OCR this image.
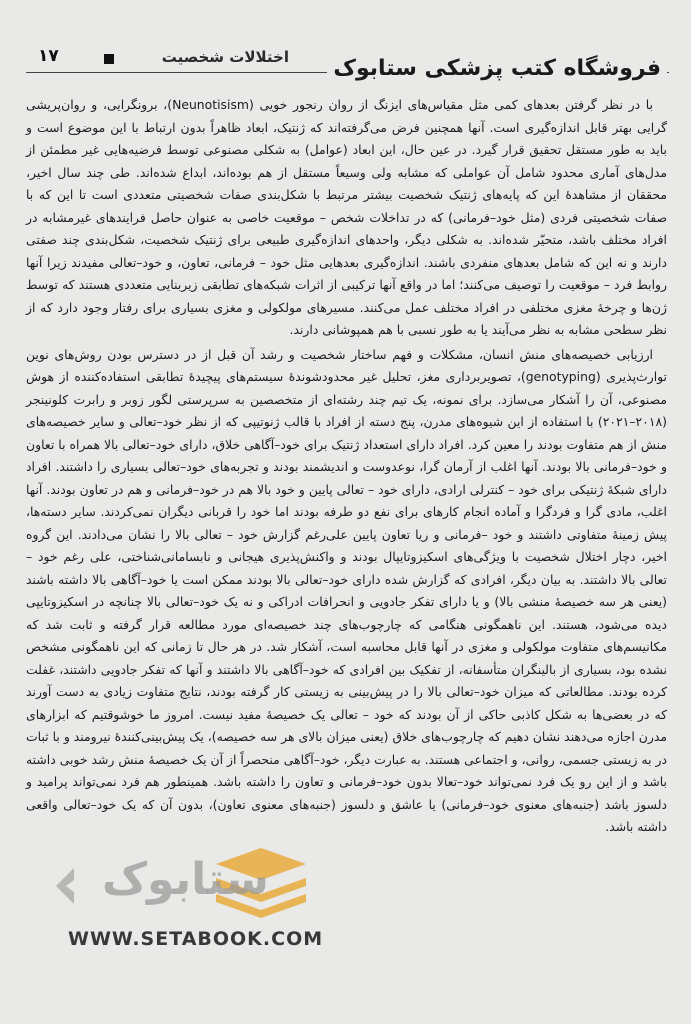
اختلالات شخصیت
۱۷	فروشگاه کتب پزشکی ستابوک

با در نظر گرفتن بعدهای کمی مثل مقیاس‌های ایزنگ از روان رنجور خویی (Neunotisism)، برونگرایی، و روان‌پریشی گرایی بهتر قابل اندازه‌گیری است. آنها همچنین فرض می‌گرفته‌اند که ژنتیک، ابعاد ظاهراً بدون ارتباط با این موضوع است و باید به طور مستقل تحقیق قرار گیرد. در عین حال، این ابعاد (عوامل) به شکلی مصنوعی توسط فرضیه‌هایی غیر مطمئن از مدل‌های آماری محدود شامل آن عواملی که مشابه ولی وسیعاً مستقل از هم بوده‌اند، ابداع شده‌اند. طی چند سال اخیر، محققان از مشاهدهٔ این که پایه‌های ژنتیک شخصیت بیشتر مرتبط با شکل‌بندی صفات شخصیتی متعددی است تا این که با صفات شخصیتی فردی (مثل خود–فرمانی) که در تداخلات شخص – موقعیت خاصی به عنوان حاصل فرایندهای غیرمشابه در افراد مختلف باشد، متحیّر شده‌اند. به شکلی دیگر، واحدهای اندازه‌گیری طبیعی برای ژنتیک شخصیت، شکل‌بندی چند صفتی دارند و نه این که شامل بعدهای منفردی باشند. اندازه‌گیری بعدهایی مثل خود – فرمانی، تعاون، و خود–تعالی مفیدند زیرا آنها روابط فرد – موقعیت را توصیف می‌کنند؛ اما در واقع آنها ترکیبی از اثرات شبکه‌های تطابقی زیربنایی متعددی هستند که توسط ژن‌ها و چرخهٔ مغزی مختلفی در افراد مختلف عمل می‌کنند. مسیرهای مولکولی و مغزی بسیاری برای رفتار وجود دارد که از نظر سطحی مشابه به نظر می‌آیند یا به طور نسبی با هم همپوشانی دارند.

ارزیابی خصیصه‌های منش انسان، مشکلات و فهم ساختار شخصیت و رشد آن قبل از در دسترس بودن روش‌های نوین توارث‌پذیری (genotyping)، تصویربرداری مغز، تحلیل غیر محدودشوندهٔ سیستم‌های پیچیدهٔ تطابقی استفاده‌کننده از هوش مصنوعی، آن را آشکار می‌سازد. برای نمونه، یک تیم چند رشته‌ای از متخصصین به سرپرستی لگور زوبر و رابرت کلونینجر (۲۰۱۸–۲۰۲۱) با استفاده از این شیوه‌های مدرن، پنج دسته از افراد با قالب ژنوتیپی که از نظر خود–تعالی و سایر خصیصه‌های منش از هم متفاوت بودند را معین کرد. افراد دارای استعداد ژنتیک برای خود–آگاهی خلاق، دارای خود–تعالی بالا همراه با تعاون و خود–فرمانی بالا بودند. آنها اغلب از آرمان گرا، نوعدوست و اندیشمند بودند و تجربه‌های خود–تعالی بسیاری را داشتند. افراد دارای شبکهٔ ژنتیکی برای خود – کنترلی ارادی، دارای خود – تعالی پایین و خود بالا هم در خود–فرمانی و هم در تعاون بودند. آنها اغلب، مادی گرا و فردگرا و آماده انجام کارهای برای نفع دو طرفه بودند اما خود را قربانی دیگران نمی‌کردند. سایر دسته‌ها، پیش زمینهٔ متفاوتی داشتند و خود –فرمانی و ریا تعاون پایین علی‌رغم گزارش خود – تعالی بالا را نشان می‌دادند. این گروه اخیر، دچار اختلال شخصیت با ویژگی‌های اسکیزوتایپال بودند و واکنش‌پذیری هیجانی و نابسامانی‌شناختی، علی رغم خود – تعالی بالا داشتند. به بیان دیگر، افرادی که گزارش شده دارای خود–تعالی بالا بودند ممکن است یا خود–آگاهی بالا داشته باشند (یعنی هر سه خصیصهٔ منشی بالا) و یا دارای تفکر جادویی و انحرافات ادراکی و نه یک خود–تعالی بالا چنانچه در اسکیزوتایپی دیده می‌شود، هستند. این ناهمگونی هنگامی که چارچوب‌های چند خصیصه‌ای مورد مطالعه قرار گرفته و ثابت شد که مکانیسم‌های متفاوت مولکولی و مغزی در آنها قابل محاسبه است، آشکار شد. در هر حال تا زمانی که این ناهمگونی مشخص نشده بود، بسیاری از بالینگران متأسفانه، از تفکیک بین افرادی که خود–آگاهی بالا داشتند و آنها که تفکر جادویی داشتند، غفلت کرده بودند. مطالعاتی که میزان خود–تعالی بالا را در پیش‌بینی به زیستی کار گرفته بودند، نتایج متفاوت زیادی به دست آورند که در بعضی‌ها به شکل کاذبی حاکی از آن بودند که خود – تعالی یک خصیصهٔ مفید نیست. امروز ما خوشوقتیم که ابزارهای مدرن اجازه می‌دهند نشان دهیم که چارچوب‌های خلاق (یعنی میزان بالای هر سه خصیصه)، یک پیش‌بینی‌کنندهٔ نیرومند و با ثبات در به زیستی جسمی، روانی، و اجتماعی هستند. به عبارت دیگر، خود–آگاهی منحصراً از آن یک خصیصهٔ منش رشد خوبی داشته باشد و از این رو یک فرد نمی‌تواند خود–تعالا بدون خود–فرمانی و تعاون را داشته باشد. همینطور هم فرد نمی‌تواند پرامید و دلسوز باشد (جنبه‌های معنوی خود–فرمانی) یا عاشق و دلسوز (جنبه‌های معنوی تعاون)، بدون آن که یک خود–تعالی واقعی داشته باشد.

ستابوک
WWW.SETABOOK.COM
